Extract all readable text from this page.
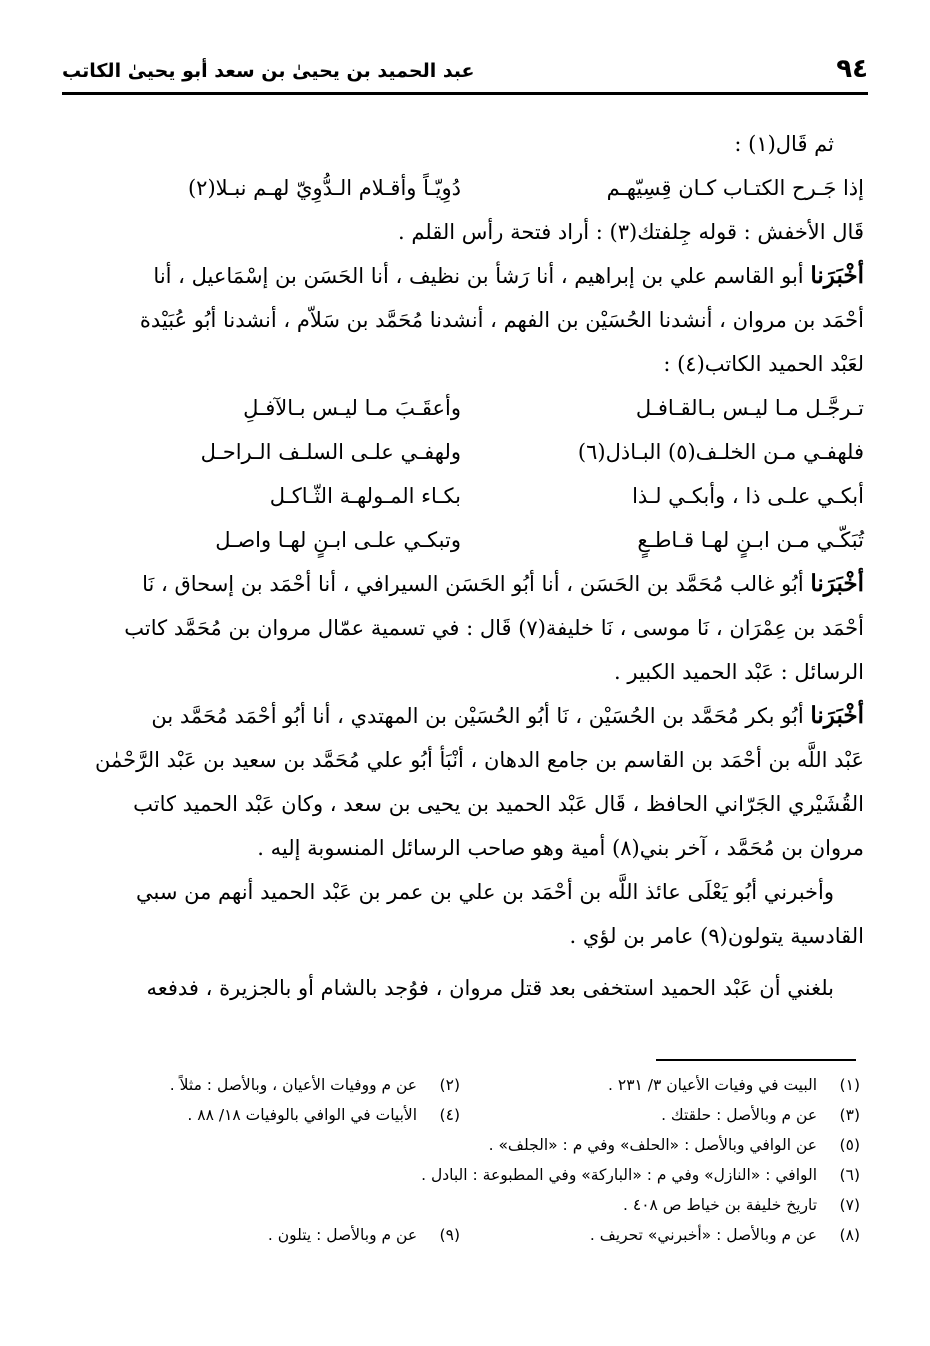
٩٤
عبد الحميد بن يحيىٰ بن سعد أبو يحيىٰ الكاتب
ثم قَال(١) :
إذا جَـرح الكتـاب كـان قِسِيّهـم
دُوِيّـاً وأقـلام الـدُّوِيّ لهـم نبـلا(٢)
قَال الأخفش : قوله جِلفتك(٣) : أراد فتحة رأس القلم .
أخْبَرَنا أبو القاسم علي بن إبراهيم ، أنا رَشأ بن نظيف ، أنا الحَسَن بن إسْمَاعيل ، أنا
أحْمَد بن مروان ، أنشدنا الحُسَيْن بن الفهم ، أنشدنا مُحَمَّد بن سَلاّم ، أنشدنا أبُو عُبَيْدة
لعَبْد الحميد الكاتب(٤) :
تـرجَّـل مـا ليـس بـالقـافـل
وأعقَـبَ مـا ليـس بـالآفـلِ
فلهفـي مـن الخلـف(٥) البـاذل(٦)
ولهفـي علـى السلـف الـراحـل
أبكـي علـى ذا ، وأبكـي لـذا
بكـاء المـولهـة الثّـاكـل
تُبَكّـي مـن ابـنٍ لهـا قـاطـعٍ
وتبكـي علـى ابـنٍ لهـا واصـل
أخْبَرَنا أبُو غالب مُحَمَّد بن الحَسَن ، أنا أبُو الحَسَن السيرافي ، أنا أحْمَد بن إسحاق ، نَا
أحْمَد بن عِمْرَان ، نَا موسى ، نَا خليفة(٧) قَال : في تسمية عمّال مروان بن مُحَمَّد كاتب
الرسائل : عَبْد الحميد الكبير .
أخْبَرَنا أبُو بكر مُحَمَّد بن الحُسَيْن ، نَا أبُو الحُسَيْن بن المهتدي ، أنا أبُو أحْمَد مُحَمَّد بن
عَبْد اللَّه بن أحْمَد بن القاسم بن جامع الدهان ، أنْبَأ أبُو علي مُحَمَّد بن سعيد بن عَبْد الرَّحْمٰن
القُشَيْري الجَرّاني الحافظ ، قَال عَبْد الحميد بن يحيى بن سعد ، وكان عَبْد الحميد كاتب
مروان بن مُحَمَّد ، آخر بني(٨) أمية وهو صاحب الرسائل المنسوبة إليه .
وأخبرني أبُو يَعْلَى عائذ اللَّه بن أحْمَد بن علي بن عمر بن عَبْد الحميد أنهم من سبي
القادسية يتولون(٩) عامر بن لؤي .
بلغني أن عَبْد الحميد استخفى بعد قتل مروان ، فوُجد بالشام أو بالجزيرة ، فدفعه
(١) البيت في وفيات الأعيان ٣/ ٢٣١ .
(٢) عن م ووفيات الأعيان ، وبالأصل : مثلاً .
(٣) عن م وبالأصل : حلقتك .
(٤) الأبيات في الوافي بالوفيات ١٨/ ٨٨ .
(٥) عن الوافي وبالأصل : «الحلف» وفي م : «الجلف» .
(٦) الوافي : «النازل» وفي م : «الباركة» وفي المطبوعة : البادل .
(٧) تاريخ خليفة بن خياط ص ٤٠٨ .
(٨) عن م وبالأصل : «أخبرني» تحريف .
(٩) عن م وبالأصل : يتلون .
